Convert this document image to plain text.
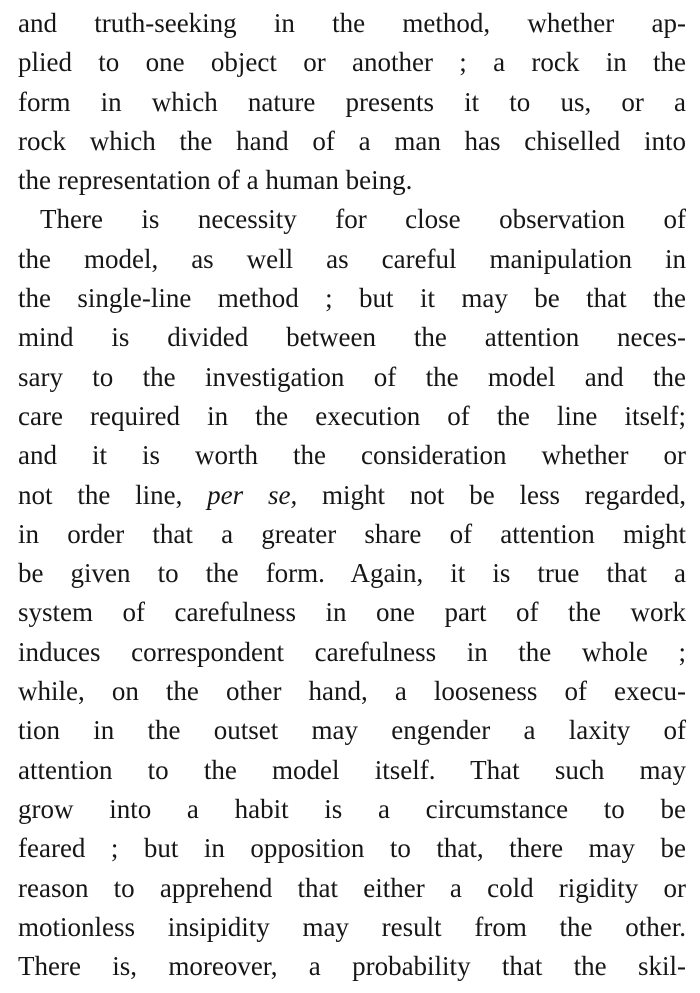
and truth-seeking in the method, whether ap-
plied to one object or another ; a rock in the
form in which nature presents it to us, or a
rock which the hand of a man has chiselled into
the representation of a human being.
There is necessity for close observation of
the model, as well as careful manipulation in
the single-line method ; but it may be that the
mind is divided between the attention neces-
sary to the investigation of the model and the
care required in the execution of the line itself;
and it is worth the consideration whether or
not the line, per se, might not be less regarded,
in order that a greater share of attention might
be given to the form. Again, it is true that a
system of carefulness in one part of the work
induces correspondent carefulness in the whole ;
while, on the other hand, a looseness of execu-
tion in the outset may engender a laxity of
attention to the model itself. That such may
grow into a habit is a circumstance to be
feared ; but in opposition to that, there may be
reason to apprehend that either a cold rigidity or
motionless insipidity may result from the other.
There is, moreover, a probability that the skil-
